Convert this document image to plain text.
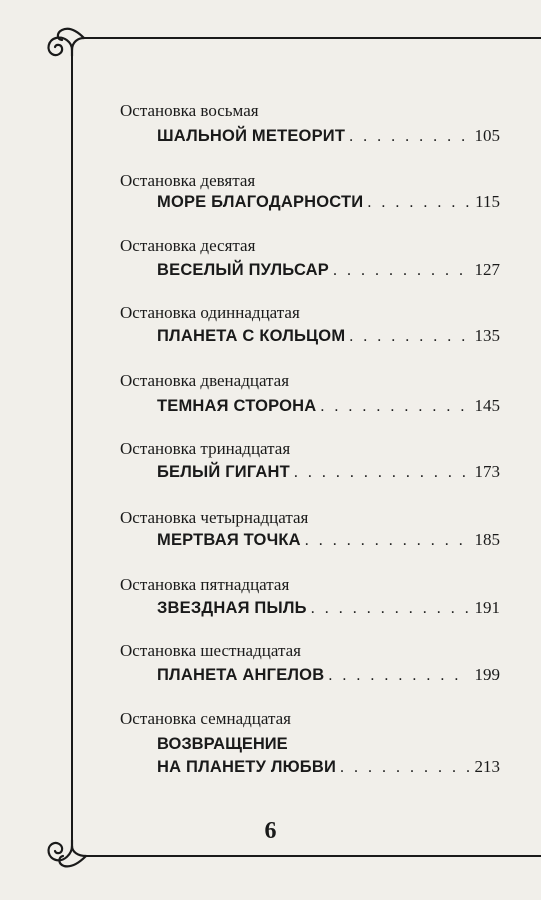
Остановка восьмая
ШАЛЬНОЙ МЕТЕОРИТ . . .	105
Остановка девятая
МОРЕ БЛАГОДАРНОСТИ . . .	115
Остановка десятая
ВЕСЕЛЫЙ ПУЛЬСАР . . .	127
Остановка одиннадцатая
ПЛАНЕТА С КОЛЬЦОМ . . .	135
Остановка двенадцатая
ТЕМНАЯ СТОРОНА . . .	145
Остановка тринадцатая
БЕЛЫЙ ГИГАНТ . . .	173
Остановка четырнадцатая
МЕРТВАЯ ТОЧКА . . .	185
Остановка пятнадцатая
ЗВЕЗДНАЯ ПЫЛЬ . . .	191
Остановка шестнадцатая
ПЛАНЕТА АНГЕЛОВ . . .	199
Остановка семнадцатая
ВОЗВРАЩЕНИЕ
НА ПЛАНЕТУ ЛЮБВИ . . .	213
6
